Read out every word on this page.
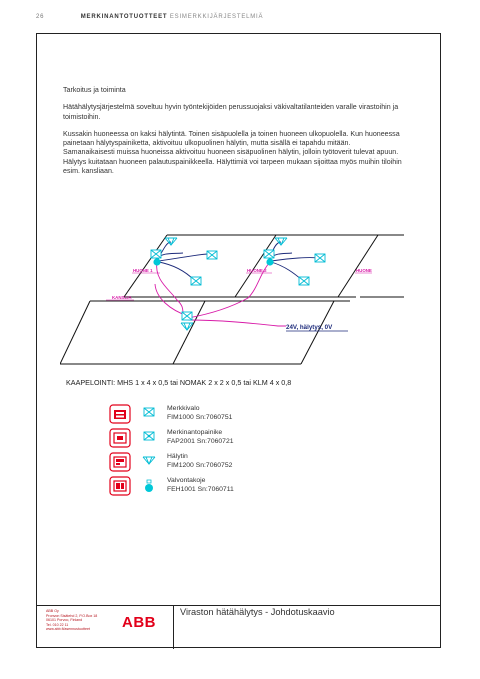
26	MERKINANTOTUOTTEET ESIMERKKIJÄRJESTELMIÄ

Tarkoitus ja toiminta

Hätähälytysjärjestelmä soveltuu hyvin työntekijöiden perussuojaksi väkivaltatilanteiden varalle virastoihin ja toimistoihin.

Kussakin huoneessa on kaksi hälytintä. Toinen sisäpuolella ja toinen huoneen ulkopuolella. Kun huoneessa painetaan hälytyspainiketta, aktivoituu ulkopuolinen hälytin, mutta sisällä ei tapahdu mitään. Samanaikaisesti muissa huoneissa aktivoituu huoneen sisäpuolinen hälytin, jolloin työtoverit tulevat apuun. Hälytys kuitataan huoneen palautuspainikkeella. Hälyttimiä voi tarpeen mukaan sijoittaa myös muihin tiloihin esim. kansliaan.

HUONE 1	HUONE 2	HUONE
KANSLIA
24V, hälytys, 0V
KAAPELOINTI: MHS 1 x 4 x 0,5 tai NOMAK 2 x 2 x 0,5 tai KLM 4 x 0,8
Merkkivalo
FIM1000 Sn:7060751
Merkinantopainike
FAP2001 Sn:7060721
Hälytin
FIM1200 Sn:7060752
Valvontakoje
FEH1001 Sn:7060711
ABB Oy
Pronvon Sisätehd 2, P.O.Box 18
06101 Porvoo, Finland
Tel. 010 22 11
www.abb.fi/asennustuotteet	ABB
Viraston hätähälytys - Johdotuskaavio
